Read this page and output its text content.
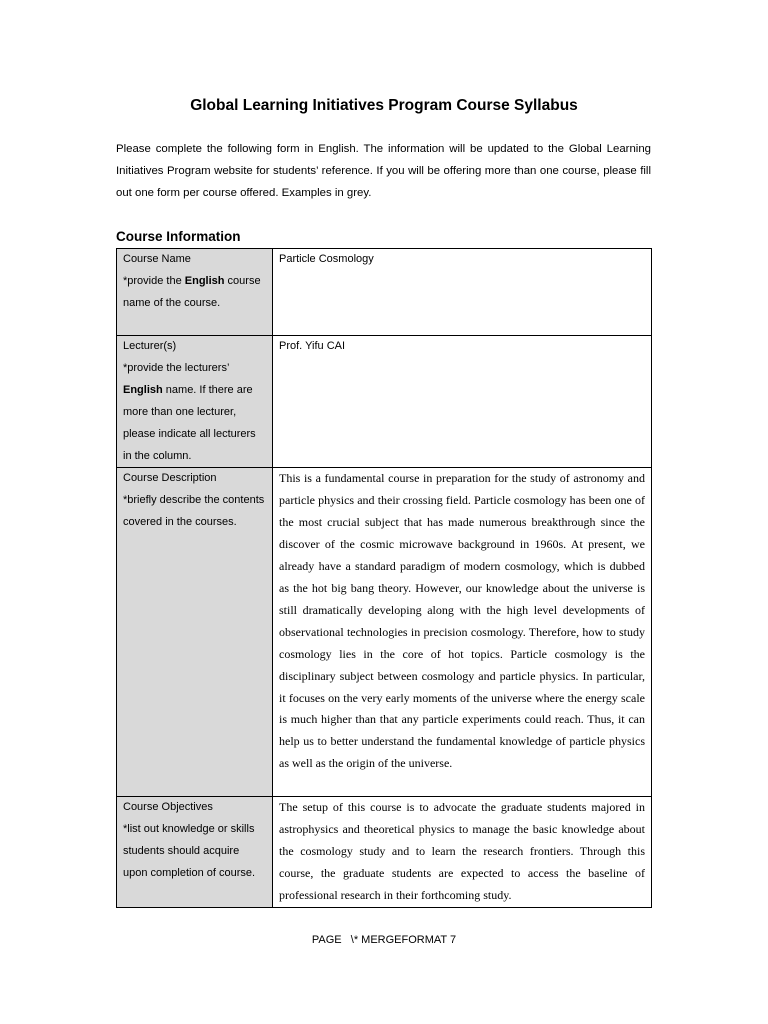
Global Learning Initiatives Program Course Syllabus
Please complete the following form in English. The information will be updated to the Global Learning Initiatives Program website for students’ reference. If you will be offering more than one course, please fill out one form per course offered. Examples in grey.
Course Information
Course Name
*provide the English course name of the course.	Particle Cosmology

Lecturer(s)
*provide the lecturers’ English name. If there are more than one lecturer, please indicate all lecturers in the column.	Prof. Yifu CAI

Course Description
*briefly describe the contents covered in the courses.	This is a fundamental course in preparation for the study of astronomy and particle physics and their crossing field. Particle cosmology has been one of the most crucial subject that has made numerous breakthrough since the discover of the cosmic microwave background in 1960s. At present, we already have a standard paradigm of modern cosmology, which is dubbed as the hot big bang theory. However, our knowledge about the universe is still dramatically developing along with the high level developments of observational technologies in precision cosmology. Therefore, how to study cosmology lies in the core of hot topics. Particle cosmology is the disciplinary subject between cosmology and particle physics. In particular, it focuses on the very early moments of the universe where the energy scale is much higher than that any particle experiments could reach. Thus, it can help us to better understand the fundamental knowledge of particle physics as well as the origin of the universe.

Course Objectives
*list out knowledge or skills students should acquire upon completion of course.	The setup of this course is to advocate the graduate students majored in astrophysics and theoretical physics to manage the basic knowledge about the cosmology study and to learn the research frontiers. Through this course, the graduate students are expected to access the baseline of professional research in their forthcoming study.
PAGE   \* MERGEFORMAT 7
